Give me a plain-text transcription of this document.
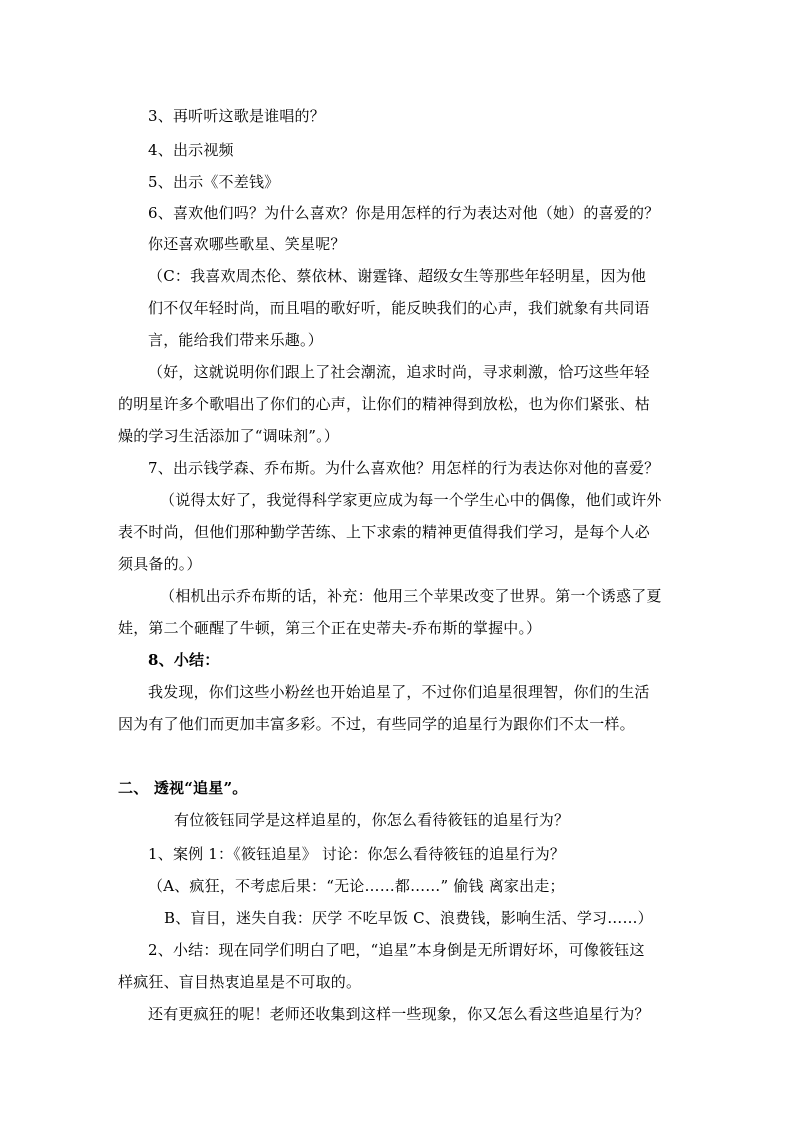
3、再听听这歌是谁唱的？
4、出示视频
5、出示《不差钱》
6、喜欢他们吗？为什么喜欢？你是用怎样的行为表达对他（她）的喜爱的？
你还喜欢哪些歌星、笑星呢？
（C：我喜欢周杰伦、蔡依林、谢霆锋、超级女生等那些年轻明星，因为他
们不仅年轻时尚，而且唱的歌好听，能反映我们的心声，我们就象有共同语
言，能给我们带来乐趣。）
（好，这就说明你们跟上了社会潮流，追求时尚，寻求刺激，恰巧这些年轻
的明星许多个歌唱出了你们的心声，让你们的精神得到放松，也为你们紧张、枯
燥的学习生活添加了“调味剂”。）
7、出示钱学森、乔布斯。为什么喜欢他？用怎样的行为表达你对他的喜爱？
（说得太好了，我觉得科学家更应成为每一个学生心中的偶像，他们或许外
表不时尚，但他们那种勤学苦练、上下求索的精神更值得我们学习，是每个人必
须具备的。）
（相机出示乔布斯的话，补充：他用三个苹果改变了世界。第一个诱惑了夏
娃，第二个砸醒了牛顿，第三个正在史蒂夫-乔布斯的掌握中。）
8、小结：
我发现，你们这些小粉丝也开始追星了，不过你们追星很理智，你们的生活
因为有了他们而更加丰富多彩。不过，有些同学的追星行为跟你们不太一样。
二、 透视“追星”。
有位筱钰同学是这样追星的，你怎么看待筱钰的追星行为？
1、案例 1：《筱钰追星》 讨论：你怎么看待筱钰的追星行为？
（A、疯狂，不考虑后果：“无论……都……” 偷钱 离家出走；
B、盲目，迷失自我：厌学 不吃早饭 C、浪费钱，影响生活、学习……）
2、小结：现在同学们明白了吧，“追星”本身倒是无所谓好坏，可像筱钰这
样疯狂、盲目热衷追星是不可取的。
还有更疯狂的呢！老师还收集到这样一些现象，你又怎么看这些追星行为？
